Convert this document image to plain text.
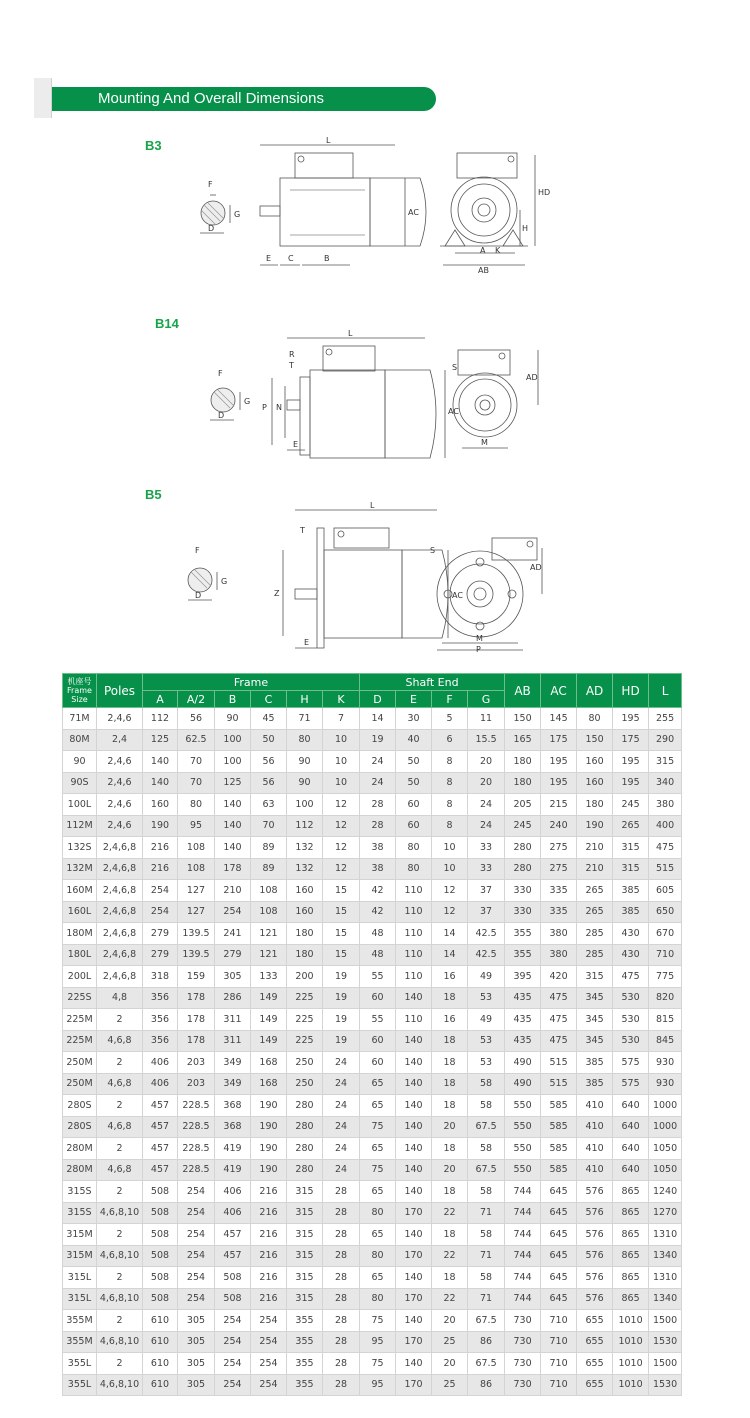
Mounting And Overall Dimensions
B3
F
G
D
L
AC
E C	B
HD
H
A K
AB
B14
F
G
D
L
R
T
P N	AC
E
S
AD
M
B5
F
G
D
L
T
Z	AC
E
S
AD
M
P
机座号
Frame
Size	Poles	Frame						Shaft End				AB	AC	AD	HD	L
		A	A/2	B	C	H	K	D	E	F	G					
71M	2,4,6	112	56	90	45	71	7	14	30	5	11	150	145	80	195	255
80M	2,4	125	62.5	100	50	80	10	19	40	6	15.5	165	175	150	175	290
90	2,4,6	140	70	100	56	90	10	24	50	8	20	180	195	160	195	315
90S	2,4,6	140	70	125	56	90	10	24	50	8	20	180	195	160	195	340
100L	2,4,6	160	80	140	63	100	12	28	60	8	24	205	215	180	245	380
112M	2,4,6	190	95	140	70	112	12	28	60	8	24	245	240	190	265	400
132S	2,4,6,8	216	108	140	89	132	12	38	80	10	33	280	275	210	315	475
132M	2,4,6,8	216	108	178	89	132	12	38	80	10	33	280	275	210	315	515
160M	2,4,6,8	254	127	210	108	160	15	42	110	12	37	330	335	265	385	605
160L	2,4,6,8	254	127	254	108	160	15	42	110	12	37	330	335	265	385	650
180M	2,4,6,8	279	139.5	241	121	180	15	48	110	14	42.5	355	380	285	430	670
180L	2,4,6,8	279	139.5	279	121	180	15	48	110	14	42.5	355	380	285	430	710
200L	2,4,6,8	318	159	305	133	200	19	55	110	16	49	395	420	315	475	775
225S	4,8	356	178	286	149	225	19	60	140	18	53	435	475	345	530	820
225M	2	356	178	311	149	225	19	55	110	16	49	435	475	345	530	815
225M	4,6,8	356	178	311	149	225	19	60	140	18	53	435	475	345	530	845
250M	2	406	203	349	168	250	24	60	140	18	53	490	515	385	575	930
250M	4,6,8	406	203	349	168	250	24	65	140	18	58	490	515	385	575	930
280S	2	457	228.5	368	190	280	24	65	140	18	58	550	585	410	640	1000
280S	4,6,8	457	228.5	368	190	280	24	75	140	20	67.5	550	585	410	640	1000
280M	2	457	228.5	419	190	280	24	65	140	18	58	550	585	410	640	1050
280M	4,6,8	457	228.5	419	190	280	24	75	140	20	67.5	550	585	410	640	1050
315S	2	508	254	406	216	315	28	65	140	18	58	744	645	576	865	1240
315S	4,6,8,10	508	254	406	216	315	28	80	170	22	71	744	645	576	865	1270
315M	2	508	254	457	216	315	28	65	140	18	58	744	645	576	865	1310
315M	4,6,8,10	508	254	457	216	315	28	80	170	22	71	744	645	576	865	1340
315L	2	508	254	508	216	315	28	65	140	18	58	744	645	576	865	1310
315L	4,6,8,10	508	254	508	216	315	28	80	170	22	71	744	645	576	865	1340
355M	2	610	305	254	254	355	28	75	140	20	67.5	730	710	655	1010	1500
355M	4,6,8,10	610	305	254	254	355	28	95	170	25	86	730	710	655	1010	1530
355L	2	610	305	254	254	355	28	75	140	20	67.5	730	710	655	1010	1500
355L	4,6,8,10	610	305	254	254	355	28	95	170	25	86	730	710	655	1010	1530
